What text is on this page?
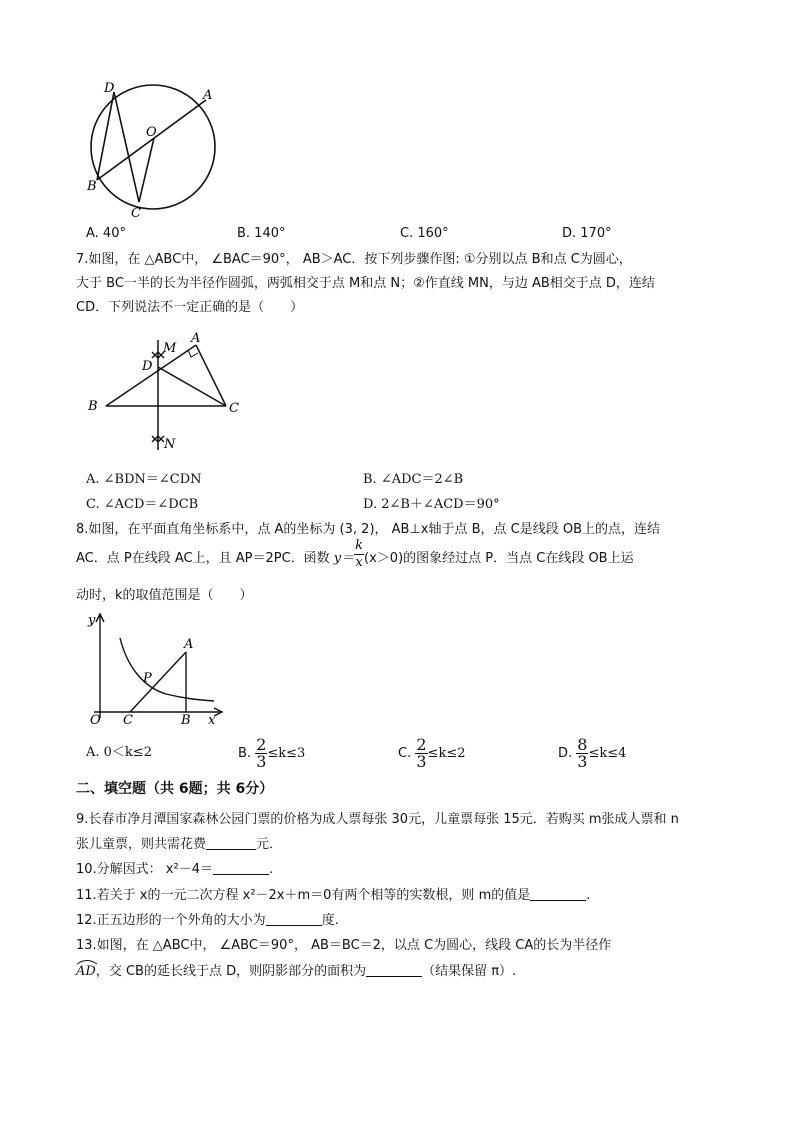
D	A
O
B
C
A. 40°	B. 140°	C. 160°	D. 170°
7.如图，在 △ABC中， ∠BAC＝90°， AB＞AC．按下列步骤作图: ①分别以点 B和点 C为圆心，
大于 BC一半的长为半径作圆弧，两弧相交于点 M和点 N；②作直线 MN，与边 AB相交于点 D，连结
CD．下列说法不一定正确的是（　　）
M
A
D
B	C
N
A. ∠BDN＝∠CDN	B. ∠ADC＝2∠B
C. ∠ACD＝∠DCB	D. 2∠B＋∠ACD＝90°
8.如图，在平面直角坐标系中，点 A的坐标为 (3, 2)， AB⊥x轴于点 B，点 C是线段 OB上的点，连结
AC．点 P在线段 AC上，且 AP＝2PC．函数 $y= \frac{k}{x} (x>0)$的图象经过点 P．当点 C在线段 OB上运
动时，k的取值范围是（　　）
y
A
P
O C	B x
A. 0＜k≤2	B. $\frac{2}{3} \le k\le 3$	C. $\frac{2}{3} \le k\le 2$	D. $\frac{8}{3} \le k\le 4$
二、填空题（共 6题；共 6分）
9.长春市净月潭国家森林公园门票的价格为成人票每张 30元，儿童票每张 15元．若购买 m张成人票和 n
张儿童票，则共需花费	元．
10.分解因式： x²－4＝	.
11.若关于 x的一元二次方程 x²－2x＋m＝0有两个相等的实数根，则 m的值是	.
12.正五边形的一个外角的大小为	度.
13.如图，在 △ABC中， ∠ABC＝90°， AB＝BC＝2，以点 C为圆心，线段 CA的长为半径作
AD，交 CB的延长线于点 D，则阴影部分的面积为	（结果保留 π）.
